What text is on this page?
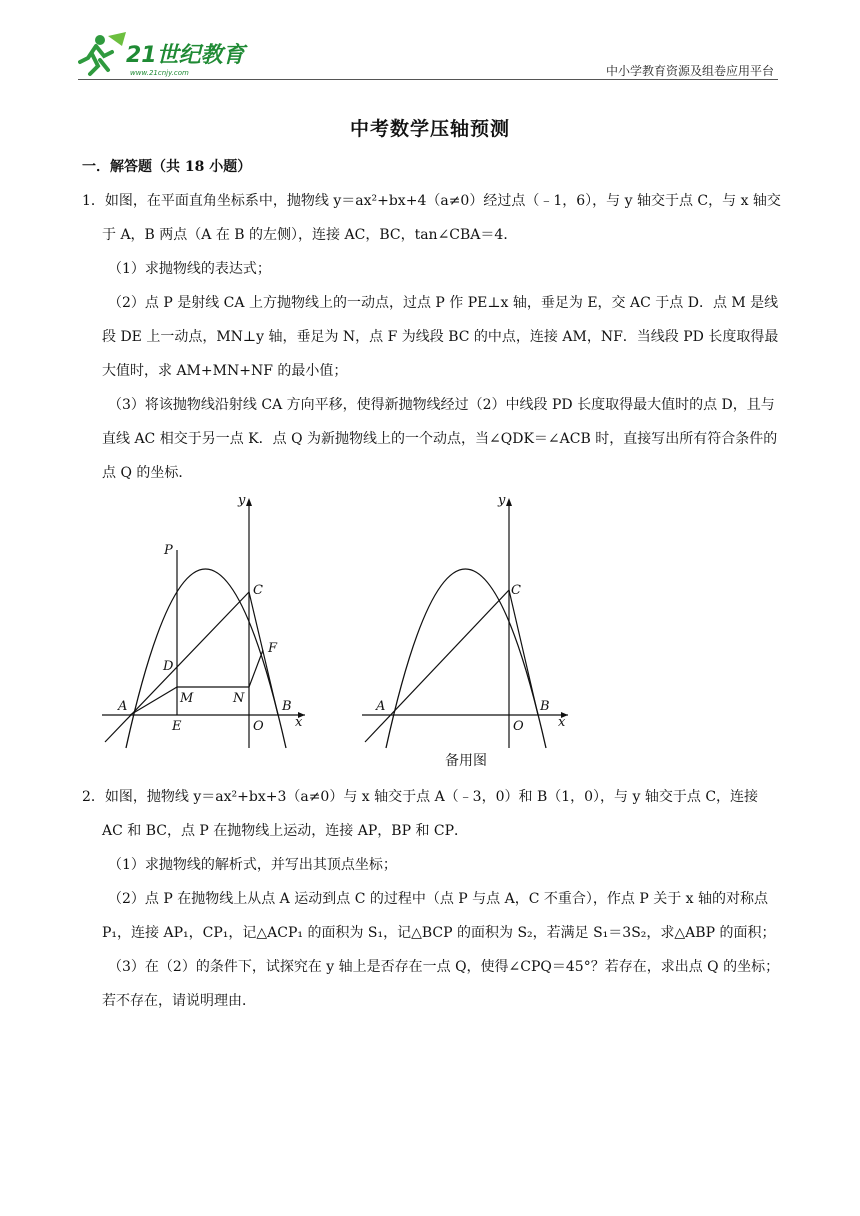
21世纪教育
www.21cnjy.com	中小学教育资源及组卷应用平台
中考数学压轴预测
一．解答题（共 18 小题）

1．如图，在平面直角坐标系中，抛物线 y＝ax²+bx+4（a≠0）经过点（﹣1，6），与 y 轴交于点 C，与 x 轴交于 A，B 两点（A 在 B 的左侧），连接 AC，BC，tan∠CBA＝4．

（1）求抛物线的表达式；

（2）点 P 是射线 CA 上方抛物线上的一动点，过点 P 作 PE⊥x 轴，垂足为 E，交 AC 于点 D．点 M 是线段 DE 上一动点，MN⊥y 轴，垂足为 N，点 F 为线段 BC 的中点，连接 AM，NF．当线段 PD 长度取得最大值时，求 AM+MN+NF 的最小值；

（3）将该抛物线沿射线 CA 方向平移，使得新抛物线经过（2）中线段 PD 长度取得最大值时的点 D，且与直线 AC 相交于另一点 K．点 Q 为新抛物线上的一个动点，当∠QDK＝∠ACB 时，直接写出所有符合条件的点 Q 的坐标．

y
x
P
C
D
F
M	N
A
E	O
B
y
x
C
A
O
B
备用图

2．如图，抛物线 y＝ax²+bx+3（a≠0）与 x 轴交于点 A（﹣3，0）和 B（1，0），与 y 轴交于点 C，连接 AC 和 BC，点 P 在抛物线上运动，连接 AP，BP 和 CP．

（1）求抛物线的解析式，并写出其顶点坐标；

（2）点 P 在抛物线上从点 A 运动到点 C 的过程中（点 P 与点 A，C 不重合），作点 P 关于 x 轴的对称点 P₁，连接 AP₁，CP₁，记△ACP₁ 的面积为 S₁，记△BCP 的面积为 S₂，若满足 S₁＝3S₂，求△ABP 的面积；

（3）在（2）的条件下，试探究在 y 轴上是否存在一点 Q，使得∠CPQ＝45°？若存在，求出点 Q 的坐标；若不存在，请说明理由．
